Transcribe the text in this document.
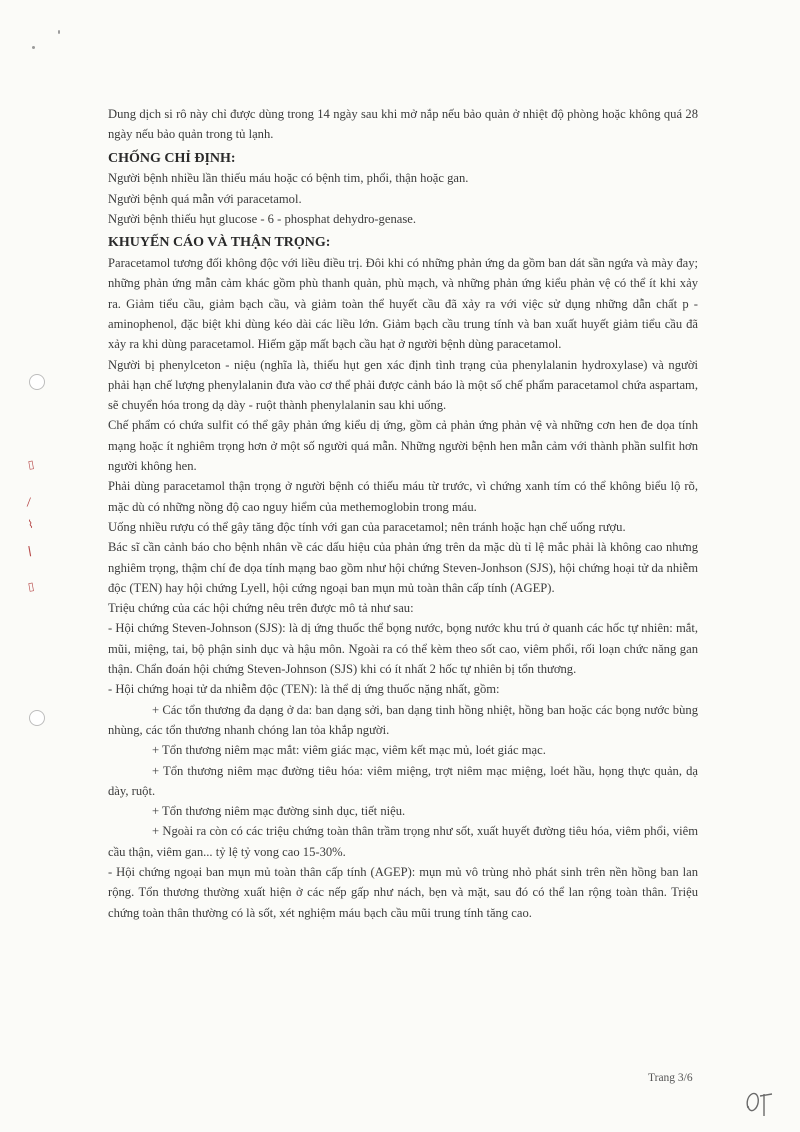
▯
⁄
⌇
ǀ
▯

Dung dịch si rô này chỉ được dùng trong 14 ngày sau khi mở nắp nếu bảo quản ở nhiệt độ phòng hoặc không quá 28 ngày nếu bảo quản trong tủ lạnh.

CHỐNG CHỈ ĐỊNH:

Người bệnh nhiều lần thiếu máu hoặc có bệnh tim, phổi, thận hoặc gan.

Người bệnh quá mẫn với paracetamol.

Người bệnh thiếu hụt glucose - 6 - phosphat dehydro-genase.

KHUYẾN CÁO VÀ THẬN TRỌNG:

Paracetamol tương đối không độc với liều điều trị. Đôi khi có những phản ứng da gồm ban dát sần ngứa và mày đay; những phản ứng mẫn cảm khác gồm phù thanh quản, phù mạch, và những phản ứng kiểu phản vệ có thể ít khi xảy ra. Giảm tiểu cầu, giảm bạch cầu, và giảm toàn thể huyết cầu đã xảy ra với việc sử dụng những dẫn chất p - aminophenol, đặc biệt khi dùng kéo dài các liều lớn. Giảm bạch cầu trung tính và ban xuất huyết giảm tiểu cầu đã xảy ra khi dùng paracetamol. Hiếm gặp mất bạch cầu hạt ở người bệnh dùng paracetamol.

Người bị phenylceton - niệu (nghĩa là, thiếu hụt gen xác định tình trạng của phenylalanin hydroxylase) và người phải hạn chế lượng phenylalanin đưa vào cơ thể phải được cảnh báo là một số chế phẩm paracetamol chứa aspartam, sẽ chuyển hóa trong dạ dày - ruột thành phenylalanin sau khi uống.

Chế phẩm có chứa sulfit có thể gây phản ứng kiểu dị ứng, gồm cả phản ứng phản vệ và những cơn hen đe dọa tính mạng hoặc ít nghiêm trọng hơn ở một số người quá mẫn. Những người bệnh hen mẫn cảm với thành phần sulfit hơn người không hen.

Phải dùng paracetamol thận trọng ở người bệnh có thiếu máu từ trước, vì chứng xanh tím có thể không biểu lộ rõ, mặc dù có những nồng độ cao nguy hiểm của methemoglobin trong máu.

Uống nhiều rượu có thể gây tăng độc tính với gan của paracetamol; nên tránh hoặc hạn chế uống rượu.

Bác sĩ cần cảnh báo cho bệnh nhân về các dấu hiệu của phản ứng trên da mặc dù tỉ lệ mắc phải là không cao nhưng nghiêm trọng, thậm chí đe dọa tính mạng bao gồm như hội chứng Steven-Jonhson (SJS), hội chứng hoại tử da nhiễm độc (TEN) hay hội chứng Lyell, hội cứng ngoại ban mụn mủ toàn thân cấp tính (AGEP).

Triệu chứng của các hội chứng nêu trên được mô tả như sau:

- Hội chứng Steven-Johnson (SJS): là dị ứng thuốc thể bọng nước, bọng nước khu trú ở quanh các hốc tự nhiên: mắt, mũi, miệng, tai, bộ phận sinh dục và hậu môn. Ngoài ra có thể kèm theo sốt cao, viêm phổi, rối loạn chức năng gan thận. Chẩn đoán hội chứng Steven-Johnson (SJS) khi có ít nhất 2 hốc tự nhiên bị tổn thương.

- Hội chứng hoại tử da nhiễm độc (TEN): là thể dị ứng thuốc nặng nhất, gồm:

+ Các tổn thương đa dạng ở da: ban dạng sởi, ban dạng tinh hồng nhiệt, hồng ban hoặc các bọng nước bùng nhùng, các tổn thương nhanh chóng lan tỏa khắp người.

+ Tổn thương niêm mạc mắt: viêm giác mạc, viêm kết mạc mủ, loét giác mạc.

+ Tổn thương niêm mạc đường tiêu hóa: viêm miệng, trợt niêm mạc miệng, loét hầu, họng thực quản, dạ dày, ruột.

+ Tổn thương niêm mạc đường sinh dục, tiết niệu.

+ Ngoài ra còn có các triệu chứng toàn thân trầm trọng như sốt, xuất huyết đường tiêu hóa, viêm phổi, viêm cầu thận, viêm gan... tỷ lệ tỷ vong cao 15-30%.

- Hội chứng ngoại ban mụn mủ toàn thân cấp tính (AGEP): mụn mủ vô trùng nhỏ phát sinh trên nền hồng ban lan rộng. Tổn thương thường xuất hiện ở các nếp gấp như nách, bẹn và mặt, sau đó có thể lan rộng toàn thân. Triệu chứng toàn thân thường có là sốt, xét nghiệm máu bạch cầu mũi trung tính tăng cao.

Trang 3/6
